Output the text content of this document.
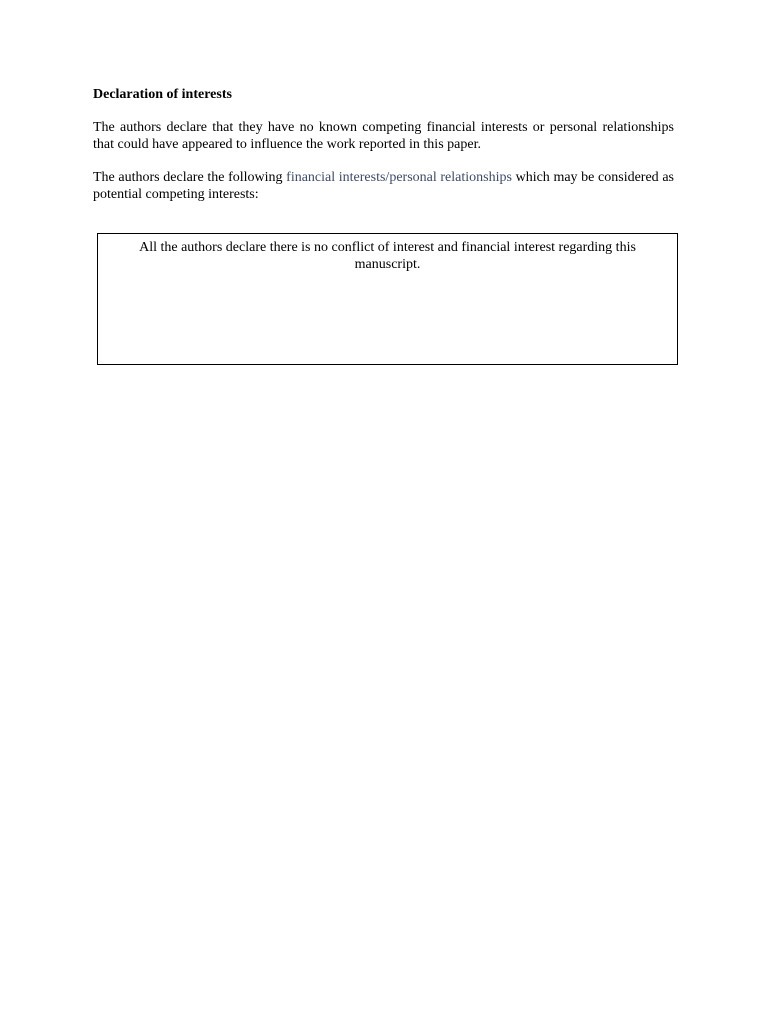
Declaration of interests
The authors declare that they have no known competing financial interests or personal relationships that could have appeared to influence the work reported in this paper.
The authors declare the following financial interests/personal relationships which may be considered as potential competing interests:
All the authors declare there is no conflict of interest and financial interest regarding this manuscript.
